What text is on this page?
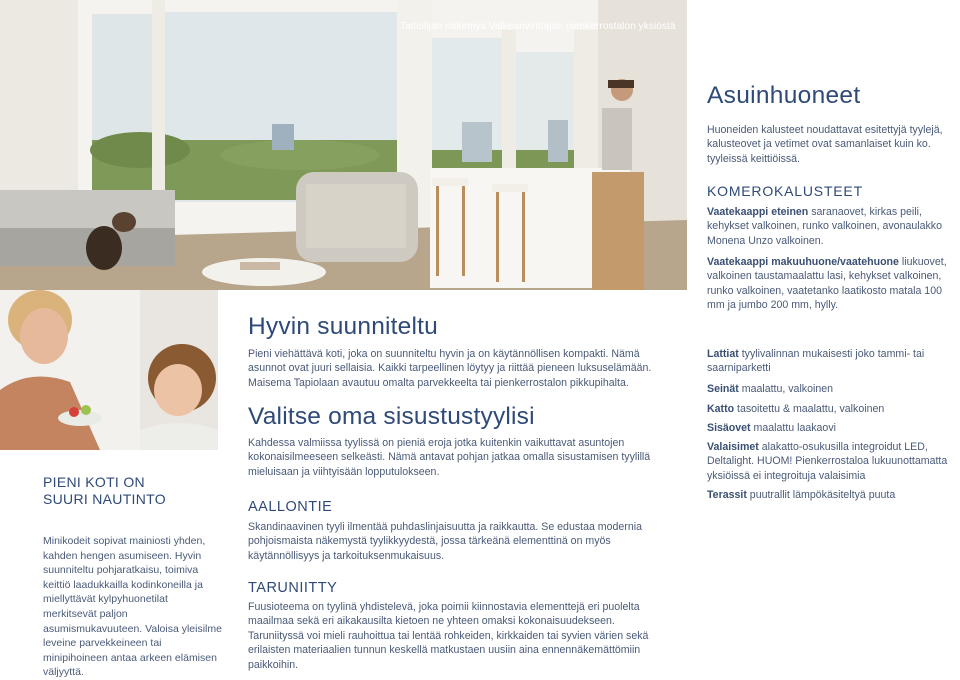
Taiteilijan näkemys Valkeanvirittäjän pienkerrostalon yksiöstä
PIENI KOTI ON
SUURI NAUTINTO
Minikodeit sopivat mainiosti yhden, kahden hengen asumiseen. Hyvin suunniteltu pohjaratkaisu, toimiva keittiö laadukkailla kodinkoneilla ja miellyttävät kylpyhuonetilat merkitsevät paljon asumismukavuuteen. Valoisa yleisilme leveine parvekkeineen tai minipihoineen antaa arkeen elämisen väljyyttä.
Hyvin suunniteltu
Pieni viehättävä koti, joka on suunniteltu hyvin ja on käytännöllisen kompakti. Nämä asunnot ovat juuri sellaisia. Kaikki tarpeellinen löytyy ja riittää pieneen luksuselämään. Maisema Tapiolaan avautuu omalta parvekkeelta tai pienkerrostalon pikkupihalta.
Valitse oma sisustustyylisi
Kahdessa valmiissa tyylissä on pieniä eroja jotka kuitenkin vaikuttavat asuntojen kokonaisilmeeseen selkeästi. Nämä antavat pohjan jatkaa omalla sisustamisen tyylillä mieluisaan ja viihtyisään lopputulokseen.
AALLONTIE
Skandinaavinen tyyli ilmentää puhdaslinjaisuutta ja raikkautta. Se edustaa modernia pohjoismaista näkemystä tyylikkyydestä, jossa tärkeänä elementtinä on myös käytännöllisyys ja tarkoituksenmukaisuus.
TARUNIITTY
Fuusioteema on tyylinä yhdistelevä, joka poimii kiinnostavia elementtejä eri puolelta maailmaa sekä eri aikakausilta kietoen ne yhteen omaksi kokonaisuudekseen. Taruniityssä voi mieli rauhoittua tai lentää rohkeiden, kirkkaiden tai syvien värien sekä erilaisten materiaalien tunnun keskellä matkustaen uusiin aina ennennäkemättömiin paikkoihin.
Asuinhuoneet
Huoneiden kalusteet noudattavat esitettyjä tyylejä, kalusteovet ja vetimet ovat samanlaiset kuin ko. tyyleissä keittiöissä.
KOMEROKALUSTEET
Vaatekaappi eteinen saranaovet, kirkas peili, kehykset valkoinen, runko valkoinen, avonaulakko Monena Unzo valkoinen.
Vaatekaappi makuuhuone/vaatehuone liukuovet, valkoinen taustamaalattu lasi, kehykset valkoinen, runko valkoinen, vaatetanko laatikosto matala 100 mm ja jumbo 200 mm, hylly.
Lattiat tyylivalinnan mukaisesti joko tammi- tai saarniparketti
Seinät maalattu, valkoinen
Katto tasoitettu & maalattu, valkoinen
Sisäovet maalattu laakaovi
Valaisimet alakatto-osukusilla integroidut LED, Deltalight. HUOM! Pienkerrostaloa lukuunottamatta yksiöissä ei integroituja valaisimia
Terassit puutrallit lämpökäsiteltyä puuta
